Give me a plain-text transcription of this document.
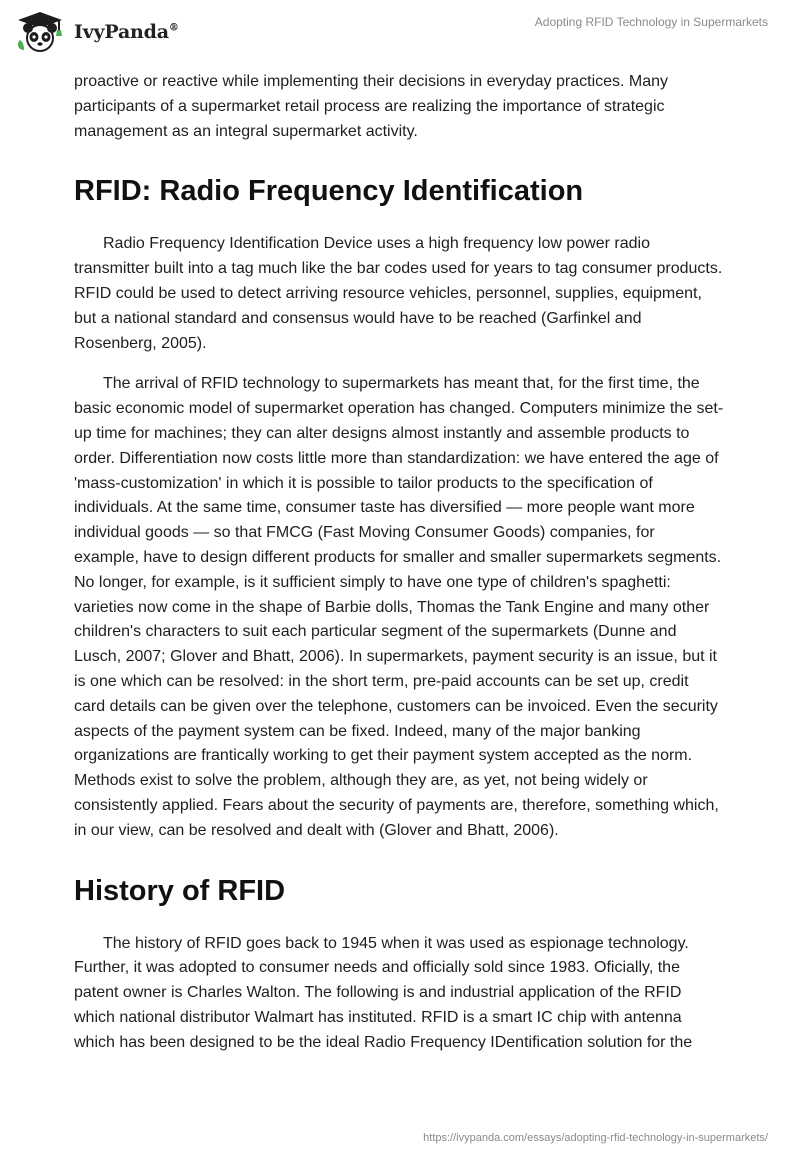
IvyPanda®	Adopting RFID Technology in Supermarkets

proactive or reactive while implementing their decisions in everyday practices. Many participants of a supermarket retail process are realizing the importance of strategic management as an integral supermarket activity.

RFID: Radio Frequency Identification

Radio Frequency Identification Device uses a high frequency low power radio transmitter built into a tag much like the bar codes used for years to tag consumer products. RFID could be used to detect arriving resource vehicles, personnel, supplies, equipment, but a national standard and consensus would have to be reached (Garfinkel and Rosenberg, 2005).

The arrival of RFID technology to supermarkets has meant that, for the first time, the basic economic model of supermarket operation has changed. Computers minimize the set-up time for machines; they can alter designs almost instantly and assemble products to order. Differentiation now costs little more than standardization: we have entered the age of 'mass-customization' in which it is possible to tailor products to the specification of individuals. At the same time, consumer taste has diversified — more people want more individual goods — so that FMCG (Fast Moving Consumer Goods) companies, for example, have to design different products for smaller and smaller supermarkets segments. No longer, for example, is it sufficient simply to have one type of children's spaghetti: varieties now come in the shape of Barbie dolls, Thomas the Tank Engine and many other children's characters to suit each particular segment of the supermarkets (Dunne and Lusch, 2007; Glover and Bhatt, 2006). In supermarkets, payment security is an issue, but it is one which can be resolved: in the short term, pre-paid accounts can be set up, credit card details can be given over the telephone, customers can be invoiced. Even the security aspects of the payment system can be fixed. Indeed, many of the major banking organizations are frantically working to get their payment system accepted as the norm. Methods exist to solve the problem, although they are, as yet, not being widely or consistently applied. Fears about the security of payments are, therefore, something which, in our view, can be resolved and dealt with (Glover and Bhatt, 2006).

History of RFID

The history of RFID goes back to 1945 when it was used as espionage technology. Further, it was adopted to consumer needs and officially sold since 1983. Oficially, the patent owner is Charles Walton. The following is and industrial application of the RFID which national distributor Walmart has instituted. RFID is a smart IC chip with antenna which has been designed to be the ideal Radio Frequency IDentification solution for the

https://ivypanda.com/essays/adopting-rfid-technology-in-supermarkets/
